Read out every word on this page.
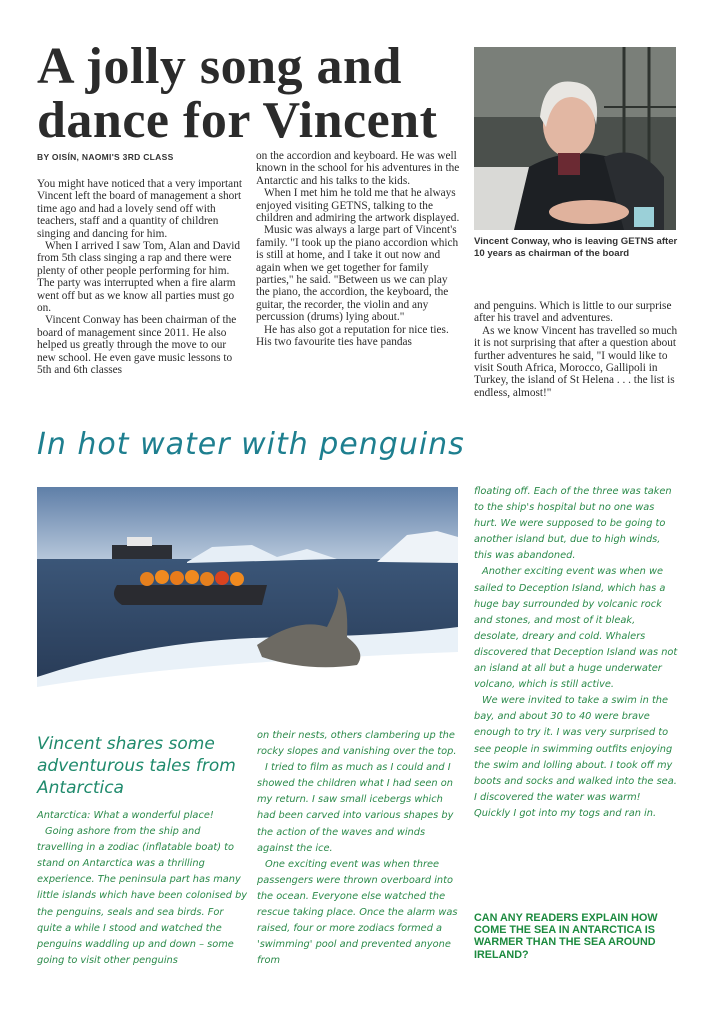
A jolly song and
dance for Vincent
BY OISÍN, NAOMI'S 3RD CLASS

You might have noticed that a very important Vincent left the board of management a short time ago and had a lovely send off with teachers, staff and a quantity of children singing and dancing for him.

When I arrived I saw Tom, Alan and David from 5th class singing a rap and there were plenty of other people performing for him. The party was interrupted when a fire alarm went off but as we know all parties must go on.

Vincent Conway has been chairman of the board of management since 2011. He also helped us greatly through the move to our new school. He even gave music lessons to 5th and 6th classes

on the accordion and keyboard. He was well known in the school for his adventures in the Antarctic and his talks to the kids.

When I met him he told me that he always enjoyed visiting GETNS, talking to the children and admiring the artwork displayed.

Music was always a large part of Vincent's family. "I took up the piano accordion which is still at home, and I take it out now and again when we get together for family parties," he said. "Between us we can play the piano, the accordion, the keyboard, the guitar, the recorder, the violin and any percussion (drums) lying about."

He has also got a reputation for nice ties. His two favourite ties have pandas

Vincent Conway, who is leaving GETNS after 10 years as chairman of the board

and penguins. Which is little to our surprise after his travel and adventures.

As we know Vincent has travelled so much it is not surprising that after a question about further adventures he said, "I would like to visit South Africa, Morocco, Gallipoli in Turkey, the island of St Helena . . . the list is endless, almost!"

In hot water with penguins
Vincent shares some adventurous tales from Antarctica

Antarctica: What a wonderful place!

Going ashore from the ship and travelling in a zodiac (inflatable boat) to stand on Antarctica was a thrilling experience. The peninsula part has many little islands which have been colonised by the penguins, seals and sea birds. For quite a while I stood and watched the penguins waddling up and down – some going to visit other penguins

on their nests, others clambering up the rocky slopes and vanishing over the top.

I tried to film as much as I could and I showed the children what I had seen on my return. I saw small icebergs which had been carved into various shapes by the action of the waves and winds against the ice.

One exciting event was when three passengers were thrown overboard into the ocean. Everyone else watched the rescue taking place. Once the alarm was raised, four or more zodiacs formed a 'swimming' pool and prevented anyone from

floating off. Each of the three was taken to the ship's hospital but no one was hurt. We were supposed to be going to another island but, due to high winds, this was abandoned.

Another exciting event was when we sailed to Deception Island, which has a huge bay surrounded by volcanic rock and stones, and most of it bleak, desolate, dreary and cold. Whalers discovered that Deception Island was not an island at all but a huge underwater volcano, which is still active.

We were invited to take a swim in the bay, and about 30 to 40 were brave enough to try it. I was very surprised to see people in swimming outfits enjoying the swim and lolling about. I took off my boots and socks and walked into the sea. I discovered the water was warm! Quickly I got into my togs and ran in.

CAN ANY READERS EXPLAIN HOW COME THE SEA IN ANTARCTICA IS WARMER THAN THE SEA AROUND IRELAND?
